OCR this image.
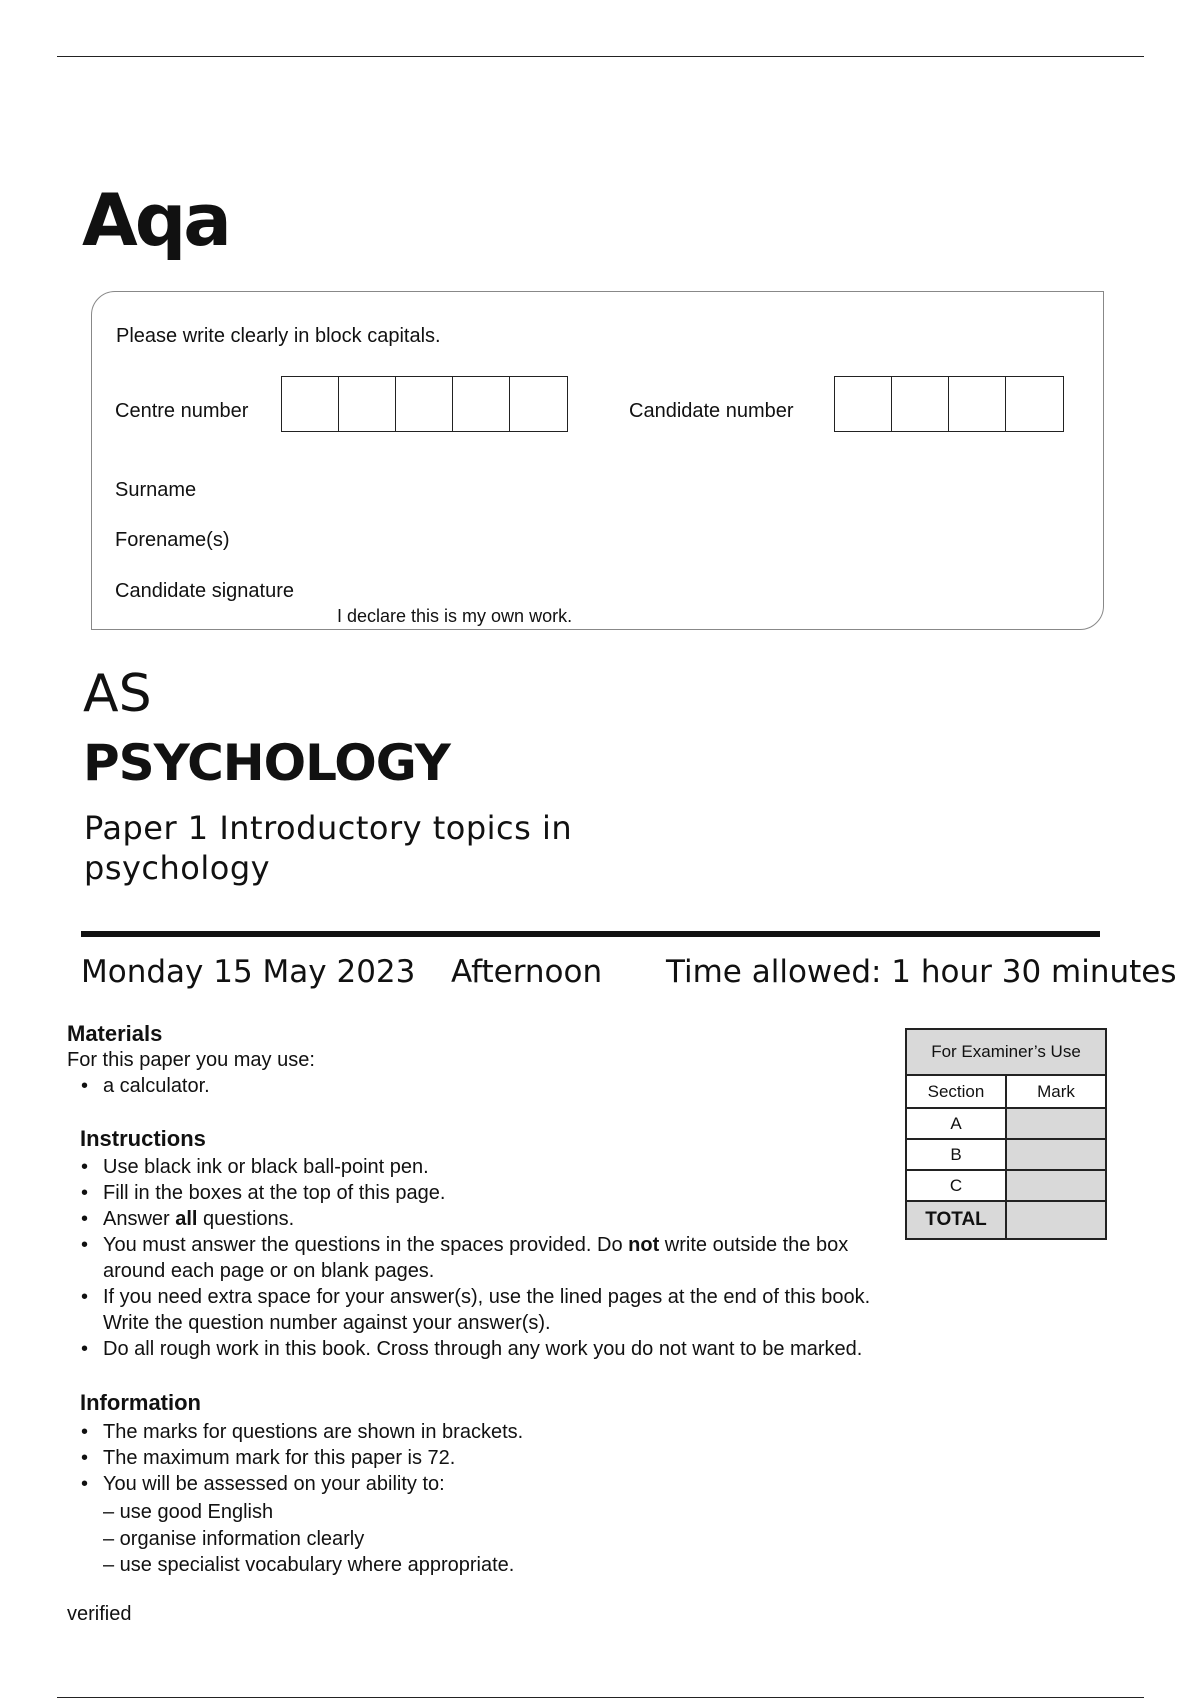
Aqa
Please write clearly in block capitals.
Centre number	Candidate number
Surname
Forename(s)
Candidate signature
I declare this is my own work.
AS
PSYCHOLOGY
Paper 1 Introductory topics in psychology
Monday 15 May 2023 Afternoon Time allowed: 1 hour 30 minutes
Materials
For this paper you may use:
• a calculator.
Instructions
• Use black ink or black ball-point pen.
• Fill in the boxes at the top of this page.
• Answer all questions.
• You must answer the questions in the spaces provided. Do not write outside the box around each page or on blank pages.
• If you need extra space for your answer(s), use the lined pages at the end of this book. Write the question number against your answer(s).
• Do all rough work in this book. Cross through any work you do not want to be marked.
Information
• The marks for questions are shown in brackets.
• The maximum mark for this paper is 72.
• You will be assessed on your ability to:
– use good English
– organise information clearly
– use specialist vocabulary where appropriate.
For Examiner’s Use	
Section	Mark
A	
B	
C	
TOTAL	
verified
